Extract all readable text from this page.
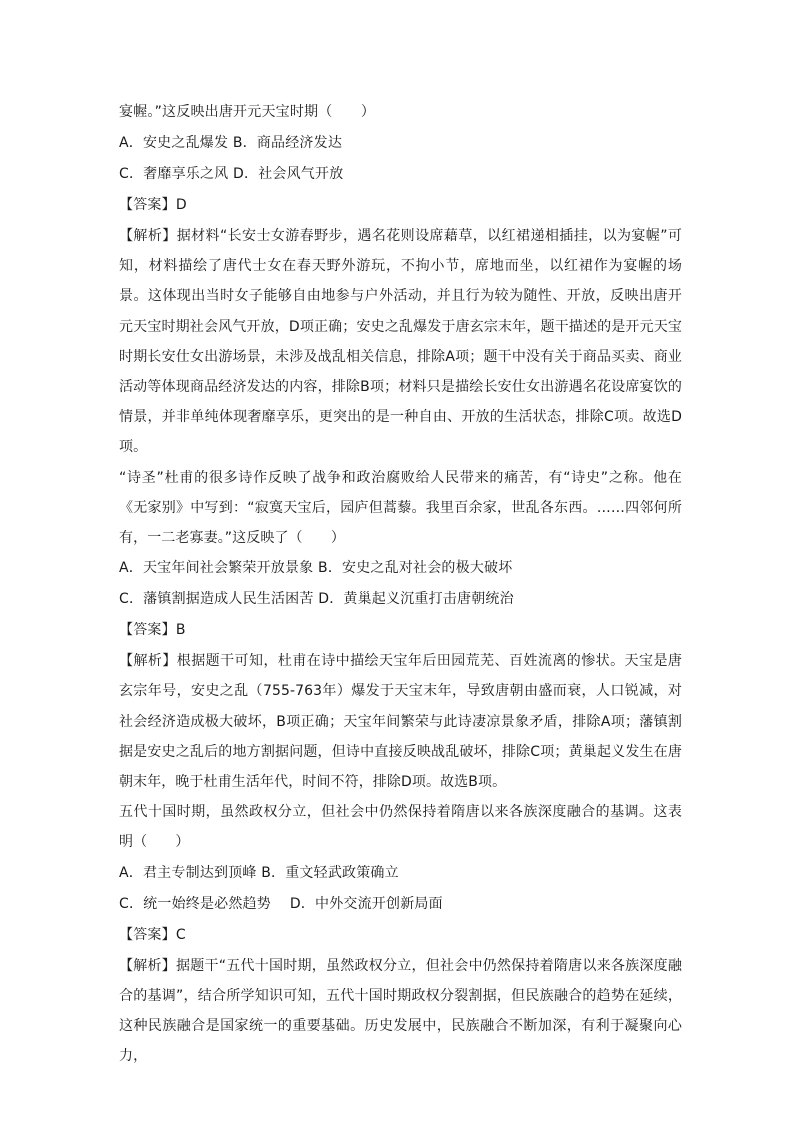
宴幄。”这反映出唐开元天宝时期（　　）
A．安史之乱爆发 B．商品经济发达
C．奢靡享乐之风 D．社会风气开放
【答案】D
【解析】据材料“长安士女游春野步，遇名花则设席藉草，以红裙递相插挂，以为宴幄”可知，材料描绘了唐代士女在春天野外游玩，不拘小节，席地而坐，以红裙作为宴幄的场景。这体现出当时女子能够自由地参与户外活动，并且行为较为随性、开放，反映出唐开元天宝时期社会风气开放，D项正确；安史之乱爆发于唐玄宗末年，题干描述的是开元天宝时期长安仕女出游场景，未涉及战乱相关信息，排除A项；题干中没有关于商品买卖、商业活动等体现商品经济发达的内容，排除B项；材料只是描绘长安仕女出游遇名花设席宴饮的情景，并非单纯体现奢靡享乐，更突出的是一种自由、开放的生活状态，排除C项。故选D项。
“诗圣”杜甫的很多诗作反映了战争和政治腐败给人民带来的痛苦，有“诗史”之称。他在《无家别》中写到：“寂寞天宝后，园庐但蒿藜。我里百余家，世乱各东西。……四邻何所有，一二老寡妻。”这反映了（　　）
A．天宝年间社会繁荣开放景象 B．安史之乱对社会的极大破坏
C．藩镇割据造成人民生活困苦 D．黄巢起义沉重打击唐朝统治
【答案】B
【解析】根据题干可知，杜甫在诗中描绘天宝年后田园荒芜、百姓流离的惨状。天宝是唐玄宗年号，安史之乱（755-763年）爆发于天宝末年，导致唐朝由盛而衰，人口锐减，对社会经济造成极大破坏，B项正确；天宝年间繁荣与此诗凄凉景象矛盾，排除A项；藩镇割据是安史之乱后的地方割据问题，但诗中直接反映战乱破坏，排除C项；黄巢起义发生在唐朝末年，晚于杜甫生活年代，时间不符，排除D项。故选B项。
五代十国时期，虽然政权分立，但社会中仍然保持着隋唐以来各族深度融合的基调。这表明（　　）
A．君主专制达到顶峰 B．重文轻武政策确立
C．统一始终是必然趋势　 D．中外交流开创新局面
【答案】C
【解析】据题干“五代十国时期，虽然政权分立，但社会中仍然保持着隋唐以来各族深度融合的基调”，结合所学知识可知，五代十国时期政权分裂割据，但民族融合的趋势在延续，这种民族融合是国家统一的重要基础。历史发展中，民族融合不断加深，有利于凝聚向心力，
